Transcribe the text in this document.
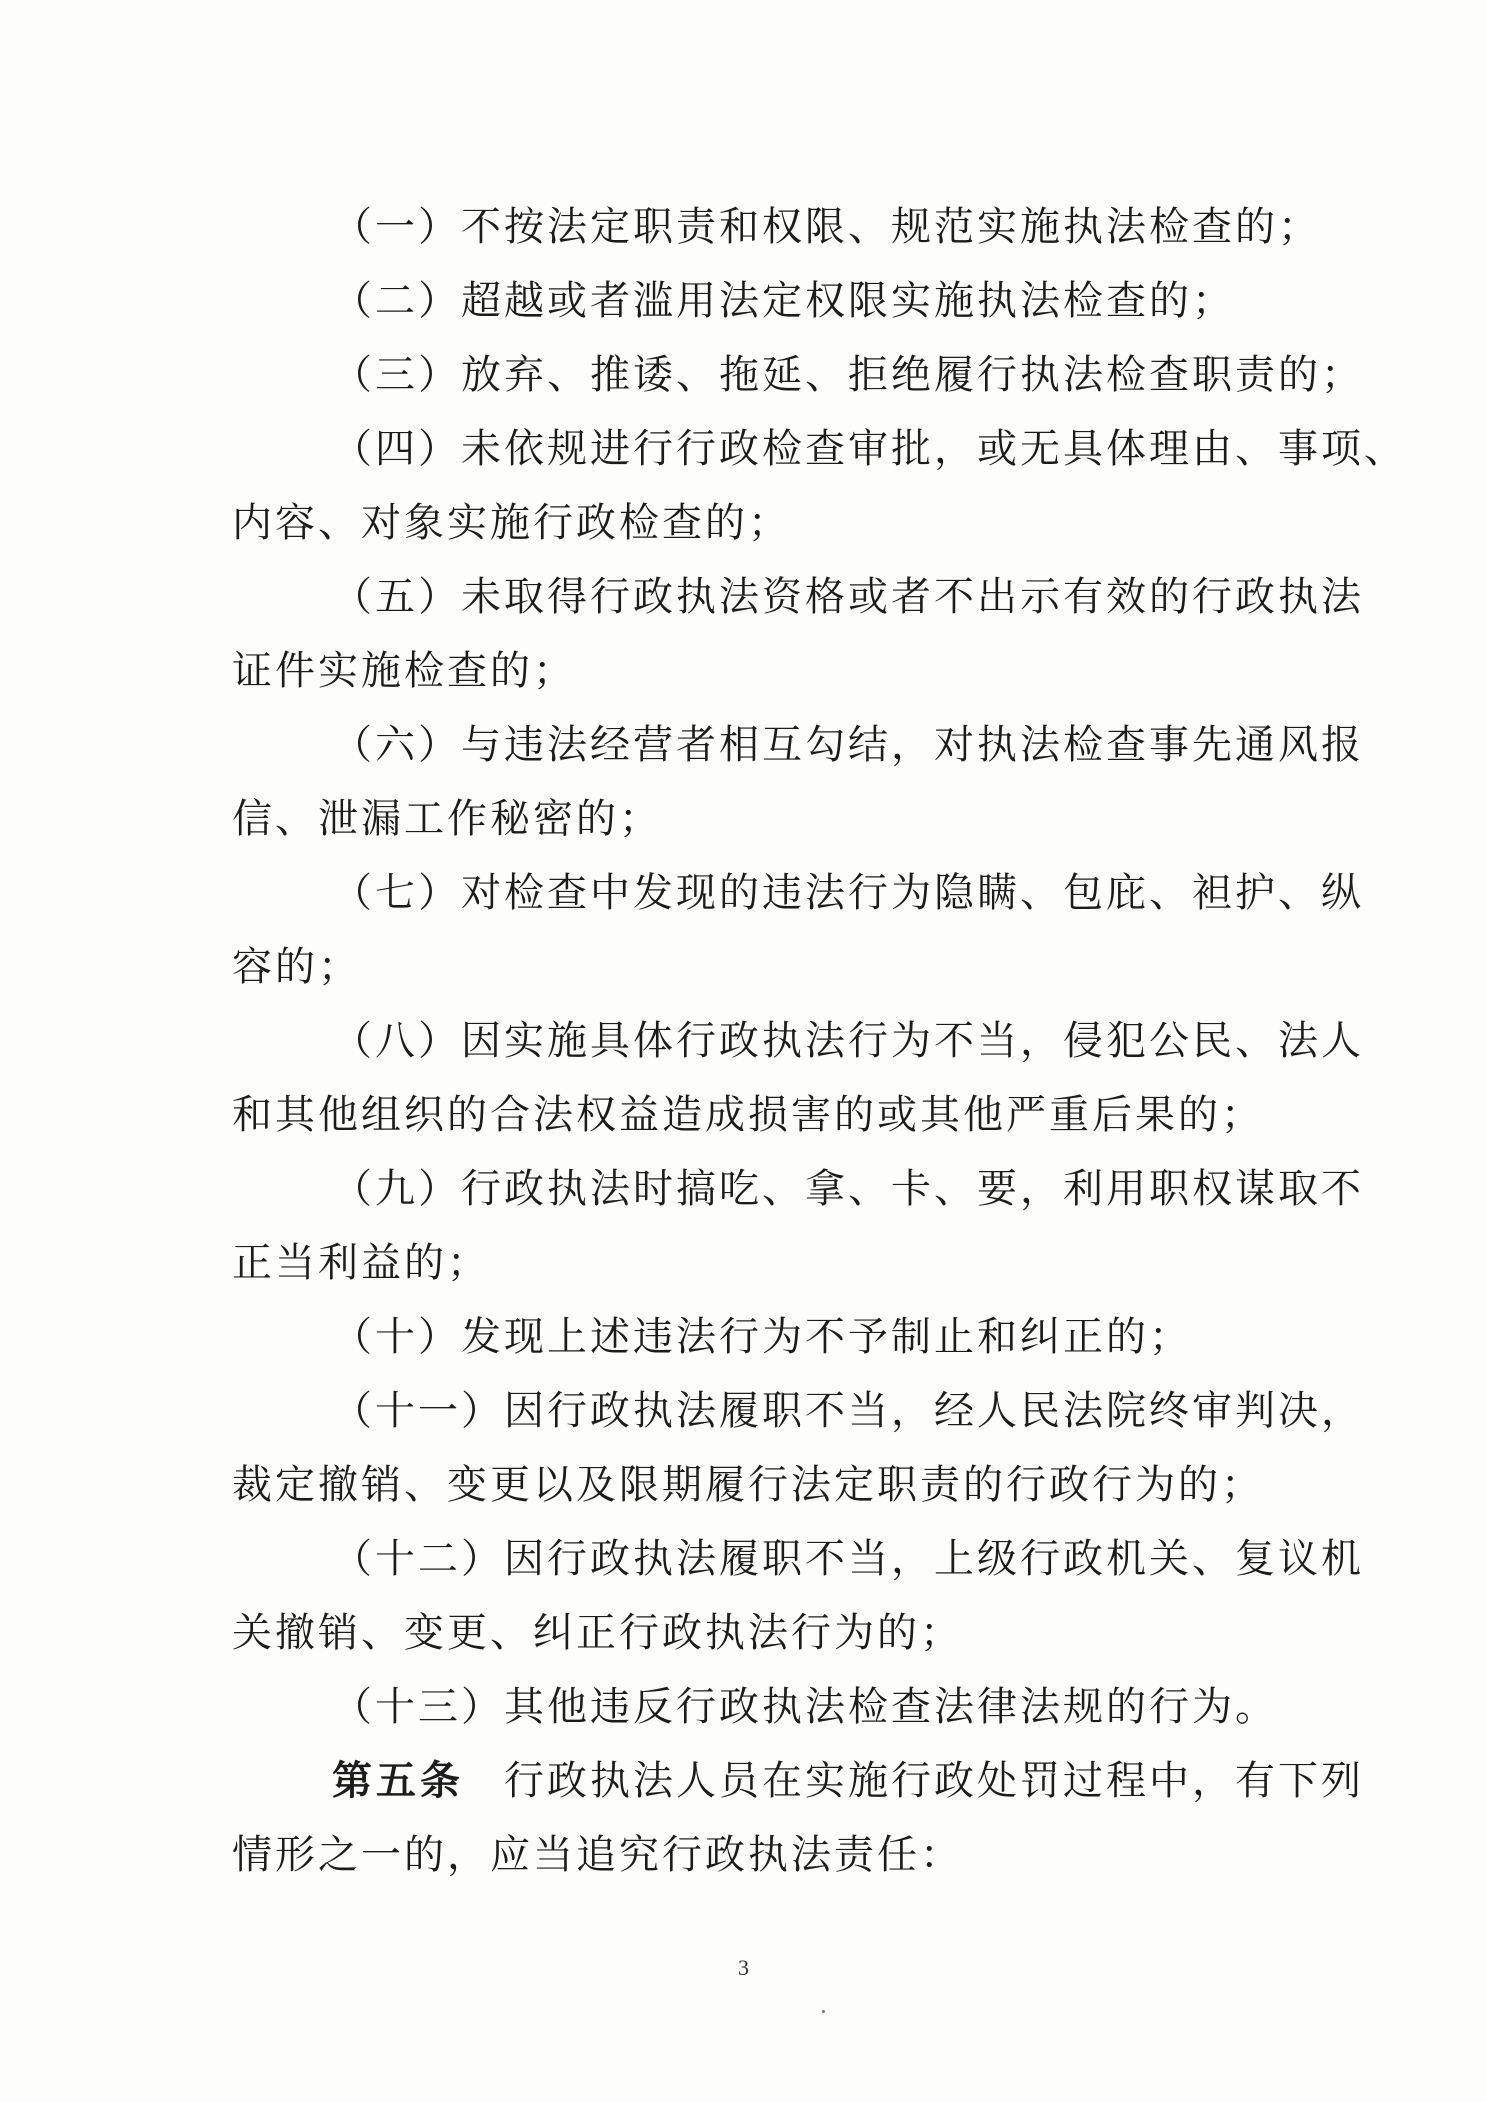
（一）不按法定职责和权限、规范实施执法检查的；

（二）超越或者滥用法定权限实施执法检查的；

（三）放弃、推诿、拖延、拒绝履行执法检查职责的；

（四）未依规进行行政检查审批，或无具体理由、事项、
内容、对象实施行政检查的；

（五）未取得行政执法资格或者不出示有效的行政执法
证件实施检查的；

（六）与违法经营者相互勾结，对执法检查事先通风报
信、泄漏工作秘密的；

（七）对检查中发现的违法行为隐瞒、包庇、袒护、纵
容的；

（八）因实施具体行政执法行为不当，侵犯公民、法人
和其他组织的合法权益造成损害的或其他严重后果的；

（九）行政执法时搞吃、拿、卡、要，利用职权谋取不
正当利益的；

（十）发现上述违法行为不予制止和纠正的；

（十一）因行政执法履职不当，经人民法院终审判决，
裁定撤销、变更以及限期履行法定职责的行政行为的；

（十二）因行政执法履职不当，上级行政机关、复议机
关撤销、变更、纠正行政执法行为的；

（十三）其他违反行政执法检查法律法规的行为。

第五条 行政执法人员在实施行政处罚过程中，有下列
情形之一的，应当追究行政执法责任：

3
